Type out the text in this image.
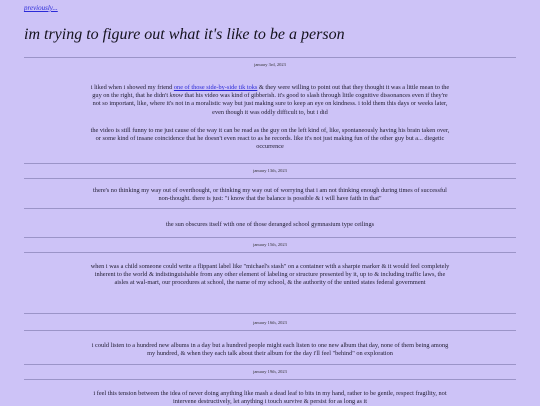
previously...
im trying to figure out what it's like to be a person
january 3rd, 2023

i liked when i showed my friend one of those side-by-side tik toks & they were willing to point out that they thought it was a little mean to the guy on the right, that he didn't know that his video was kind of gibberish. it's good to slash through little cognitive dissonances even if they're not so important, like, where it's not in a moralistic way but just making sure to keep an eye on kindness. i told them this days or weeks later, even though it was oddly difficult to, but i did

the video is still funny to me just cause of the way it can be read as the guy on the left kind of, like, spontaneously having his brain taken over, or some kind of insane coincidence that he doesn't even react to as he records. like it's not just making fun of the other guy but a... diegetic occurrence

january 13th, 2023

there's no thinking my way out of overthought, or thinking my way out of worrying that i am not thinking enough during times of successful non-thought. there is just: "i know that the balance is possible & i will have faith in that"

the sun obscures itself with one of those deranged school gymnasium type ceilings

january 15th, 2023

when i was a child someone could write a flippant label like "michael's stash" on a container with a sharpie marker & it would feel completely inherent to the world & indistinguishable from any other element of labeling or structure presented by it, up to & including traffic laws, the aisles at wal-mart, our procedures at school, the name of my school, & the authority of the united states federal government

january 16th, 2023

i could listen to a hundred new albums in a day but a hundred people might each listen to one new album that day, none of them being among my hundred, & when they each talk about their album for the day i'll feel "behind" on exploration

january 19th, 2023

i feel this tension between the idea of never doing anything like mash a dead leaf to bits in my hand, rather to be gentle, respect fragility, not intervene destructively, let anything i touch survive & persist for as long as it
